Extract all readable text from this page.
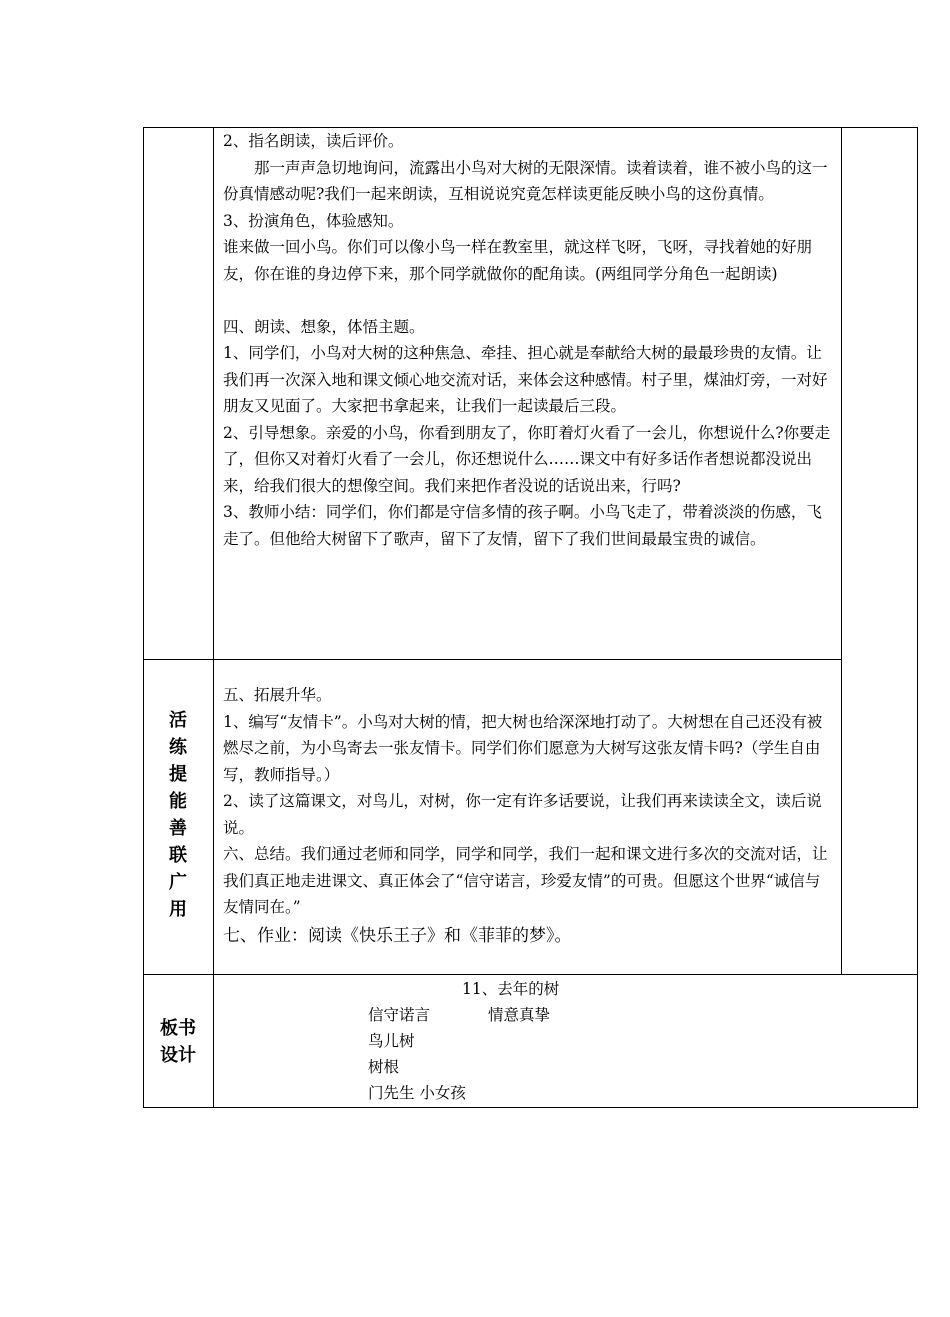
2、指名朗读，读后评价。

那一声声急切地询问，流露出小鸟对大树的无限深情。读着读着，谁不被小鸟的这一份真情感动呢?我们一起来朗读，互相说说究竟怎样读更能反映小鸟的这份真情。

3、扮演角色，体验感知。

谁来做一回小鸟。你们可以像小鸟一样在教室里，就这样飞呀，飞呀，寻找着她的好朋友，你在谁的身边停下来，那个同学就做你的配角读。(两组同学分角色一起朗读)

四、朗读、想象，体悟主题。

1、同学们，小鸟对大树的这种焦急、牵挂、担心就是奉献给大树的最最珍贵的友情。让我们再一次深入地和课文倾心地交流对话，来体会这种感情。村子里，煤油灯旁，一对好朋友又见面了。大家把书拿起来，让我们一起读最后三段。

2、引导想象。亲爱的小鸟，你看到朋友了，你盯着灯火看了一会儿，你想说什么?你要走了，但你又对着灯火看了一会儿，你还想说什么……课文中有好多话作者想说都没说出来，给我们很大的想像空间。我们来把作者没说的话说出来，行吗?

3、教师小结：同学们，你们都是守信多情的孩子啊。小鸟飞走了，带着淡淡的伤感，飞走了。但他给大树留下了歌声，留下了友情，留下了我们世间最最宝贵的诚信。

活练提能善联广用

五、拓展升华。

1、编写“友情卡”。小鸟对大树的情，把大树也给深深地打动了。大树想在自己还没有被燃尽之前，为小鸟寄去一张友情卡。同学们你们愿意为大树写这张友情卡吗?（学生自由写，教师指导。）

2、读了这篇课文，对鸟儿，对树，你一定有许多话要说，让我们再来读读全文，读后说说。

六、总结。我们通过老师和同学，同学和同学，我们一起和课文进行多次的交流对话，让我们真正地走进课文、真正体会了“信守诺言，珍爱友情”的可贵。但愿这个世界“诚信与友情同在。”

七、作业：阅读《快乐王子》和《菲菲的梦》。

板书
设计
11、去年的树
信守诺言	情意真挚
鸟儿树
树根
门先生 小女孩
